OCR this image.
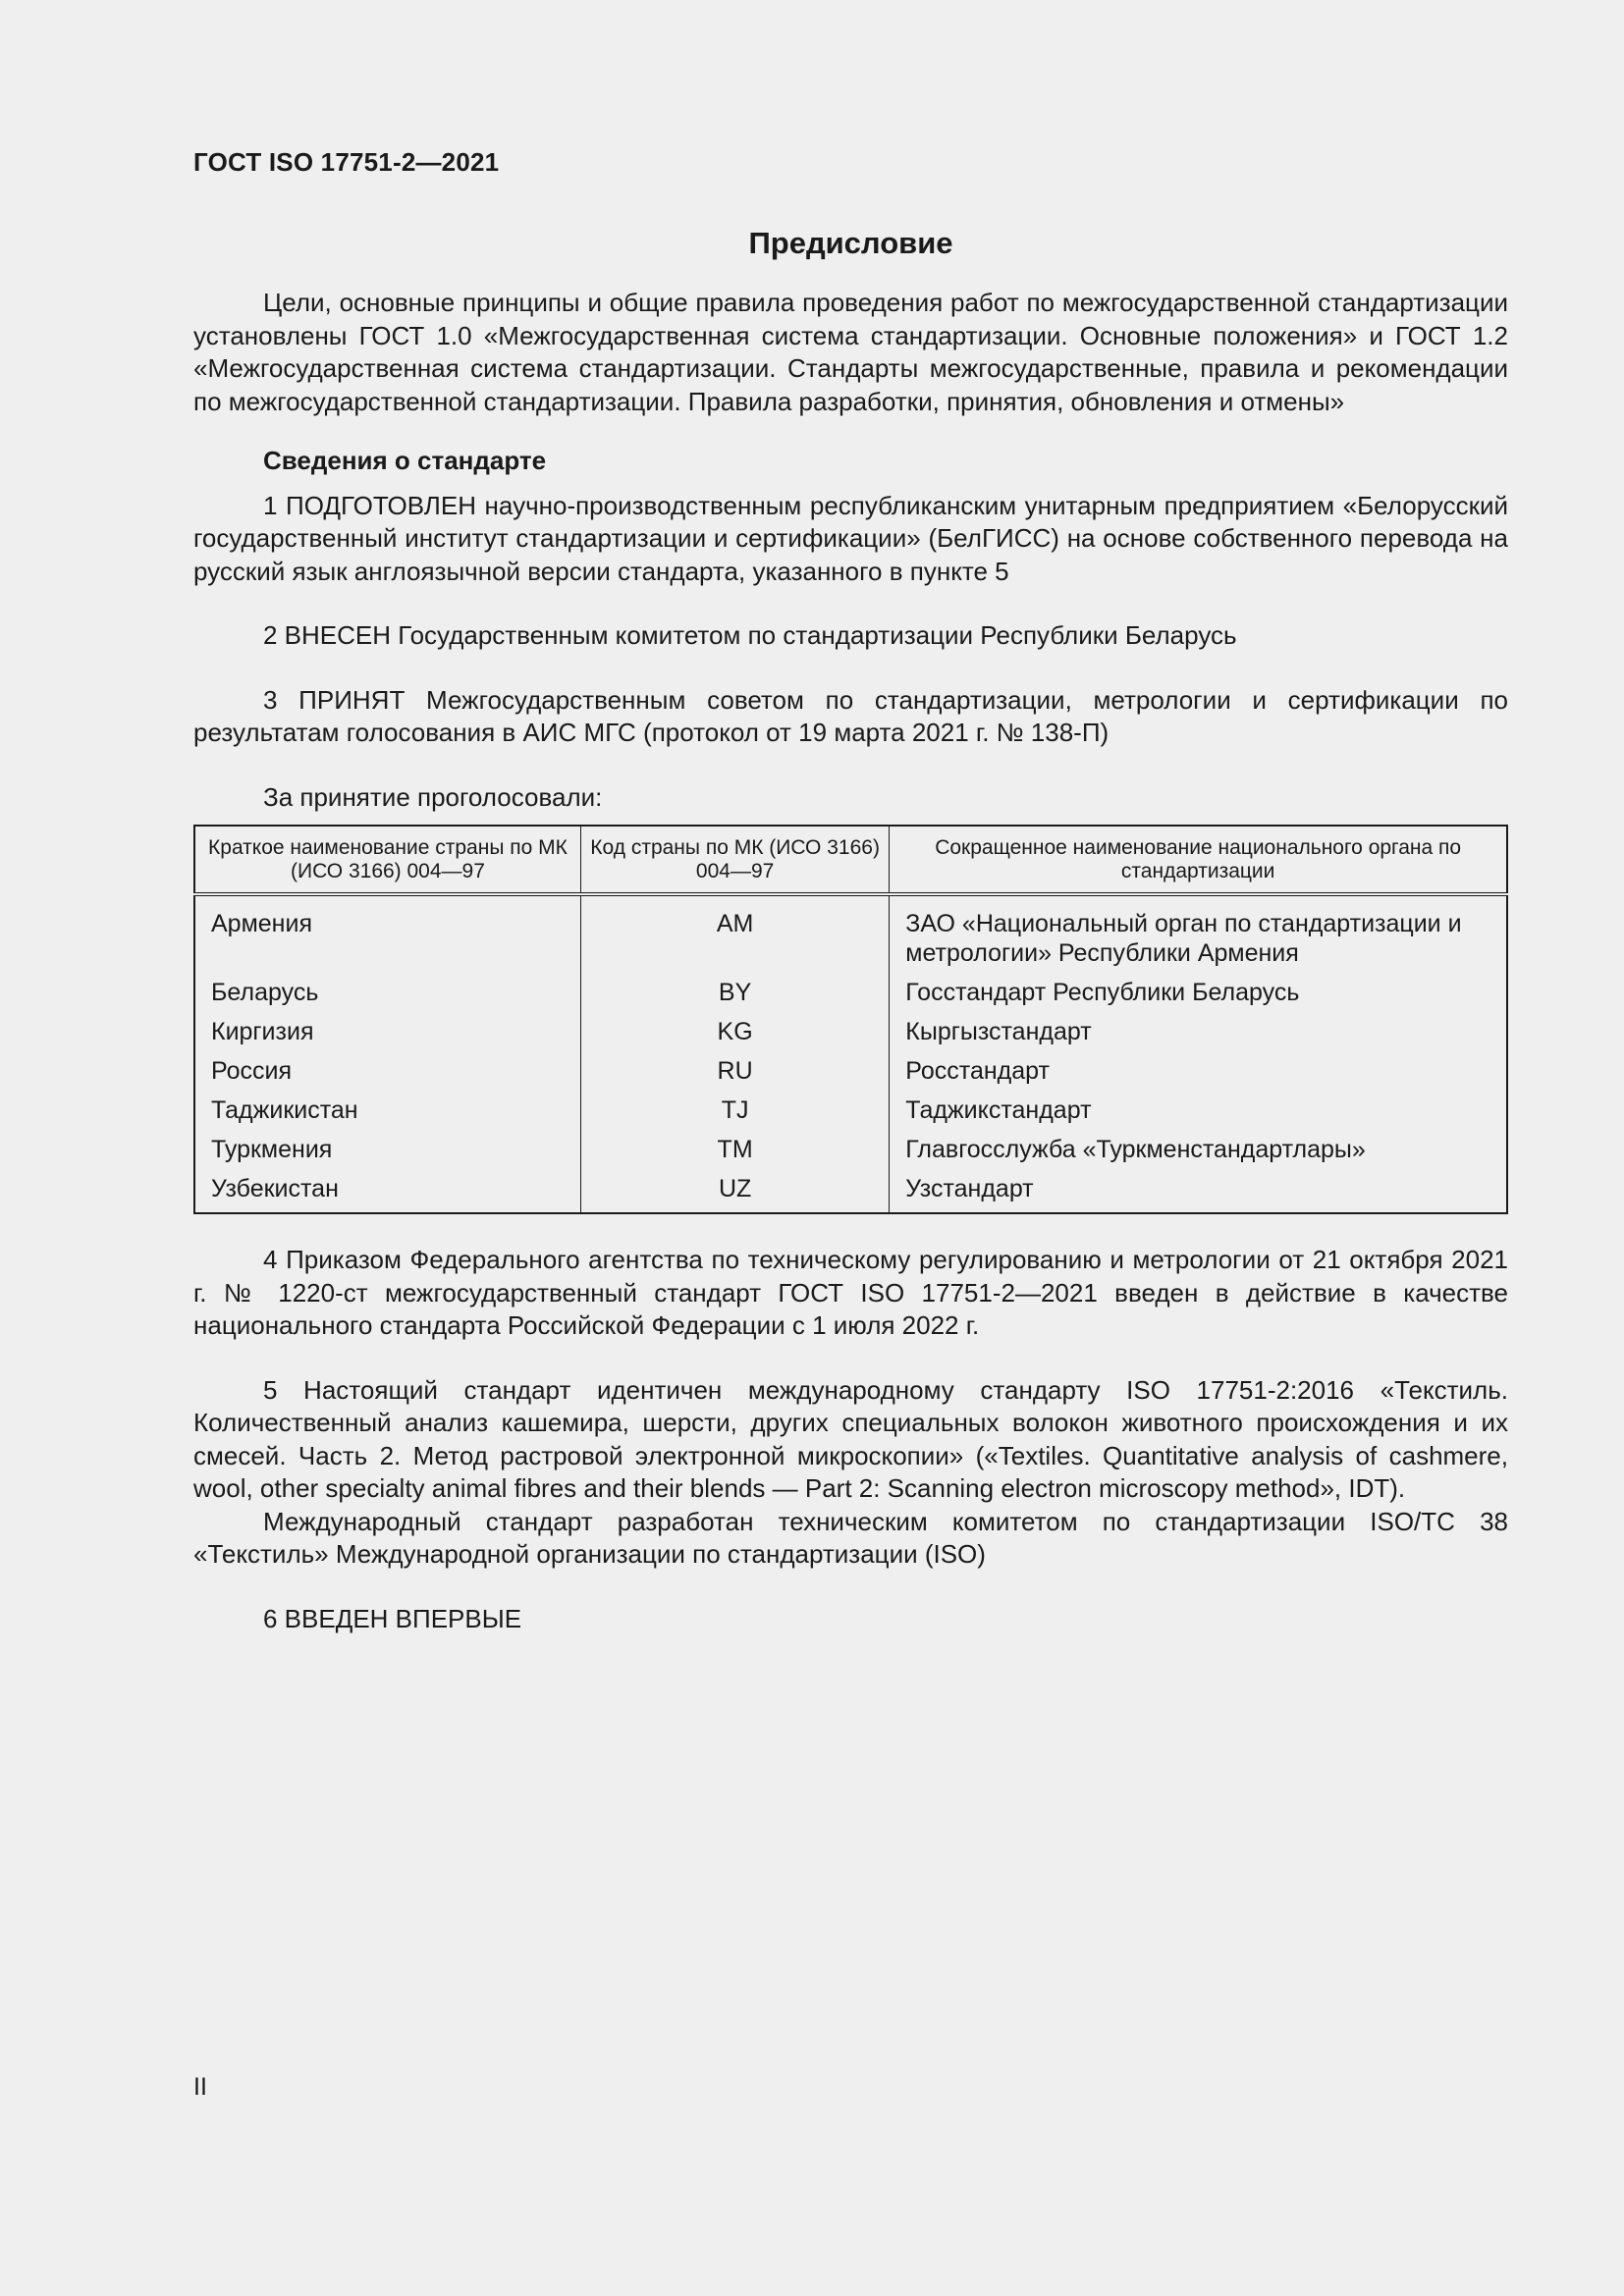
ГОСТ ISO 17751-2—2021
Предисловие

Цели, основные принципы и общие правила проведения работ по межгосударственной стандартизации установлены ГОСТ 1.0 «Межгосударственная система стандартизации. Основные положения» и ГОСТ 1.2 «Межгосударственная система стандартизации. Стандарты межгосударственные, правила и рекомендации по межгосударственной стандартизации. Правила разработки, принятия, обновления и отмены»

Сведения о стандарте

1 ПОДГОТОВЛЕН научно-производственным республиканским унитарным предприятием «Белорусский государственный институт стандартизации и сертификации» (БелГИСС) на основе собственного перевода на русский язык англоязычной версии стандарта, указанного в пункте 5

2 ВНЕСЕН Государственным комитетом по стандартизации Республики Беларусь

3 ПРИНЯТ Межгосударственным советом по стандартизации, метрологии и сертификации по результатам голосования в АИС МГС (протокол от 19 марта 2021 г. № 138-П)

За принятие проголосовали:
Краткое наименование страны по МК (ИСО 3166) 004—97	Код страны по МК (ИСО 3166) 004—97	Сокращенное наименование национального органа по стандартизации
Армения	AM	ЗАО «Национальный орган по стандартизации и метрологии» Республики Армения
Беларусь	BY	Госстандарт Республики Беларусь
Киргизия	KG	Кыргызстандарт
Россия	RU	Росстандарт
Таджикистан	TJ	Таджикстандарт
Туркмения	TM	Главгосслужба «Туркменстандартлары»
Узбекистан	UZ	Узстандарт

4 Приказом Федерального агентства по техническому регулированию и метрологии от 21 октября 2021 г. № 1220-ст межгосударственный стандарт ГОСТ ISO 17751-2—2021 введен в действие в качестве национального стандарта Российской Федерации с 1 июля 2022 г.

5 Настоящий стандарт идентичен международному стандарту ISO 17751-2:2016 «Текстиль. Количественный анализ кашемира, шерсти, других специальных волокон животного происхождения и их смесей. Часть 2. Метод растровой электронной микроскопии» («Textiles. Quantitative analysis of cashmere, wool, other specialty animal fibres and their blends — Part 2: Scanning electron microscopy method», IDT).

Международный стандарт разработан техническим комитетом по стандартизации ISO/TC 38 «Текстиль» Международной организации по стандартизации (ISO)

6 ВВЕДЕН ВПЕРВЫЕ

II
